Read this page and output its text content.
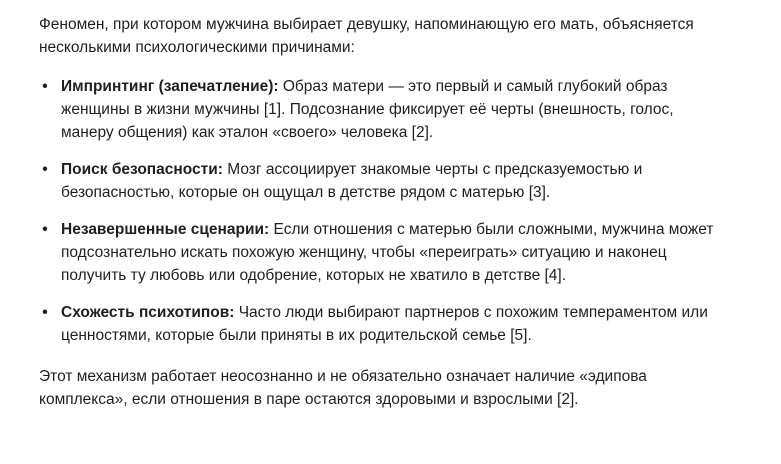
Феномен, при котором мужчина выбирает девушку, напоминающую его мать, объясняется несколькими психологическими причинами:

• Импринтинг (запечатление): Образ матери — это первый и самый глубокий образ женщины в жизни мужчины [1]. Подсознание фиксирует её черты (внешность, голос, манеру общения) как эталон «своего» человека [2].
• Поиск безопасности: Мозг ассоциирует знакомые черты с предсказуемостью и безопасностью, которые он ощущал в детстве рядом с матерью [3].
• Незавершенные сценарии: Если отношения с матерью были сложными, мужчина может подсознательно искать похожую женщину, чтобы «переиграть» ситуацию и наконец получить ту любовь или одобрение, которых не хватило в детстве [4].
• Схожесть психотипов: Часто люди выбирают партнеров с похожим темпераментом или ценностями, которые были приняты в их родительской семье [5].

Этот механизм работает неосознанно и не обязательно означает наличие «эдипова комплекса», если отношения в паре остаются здоровыми и взрослыми [2].
